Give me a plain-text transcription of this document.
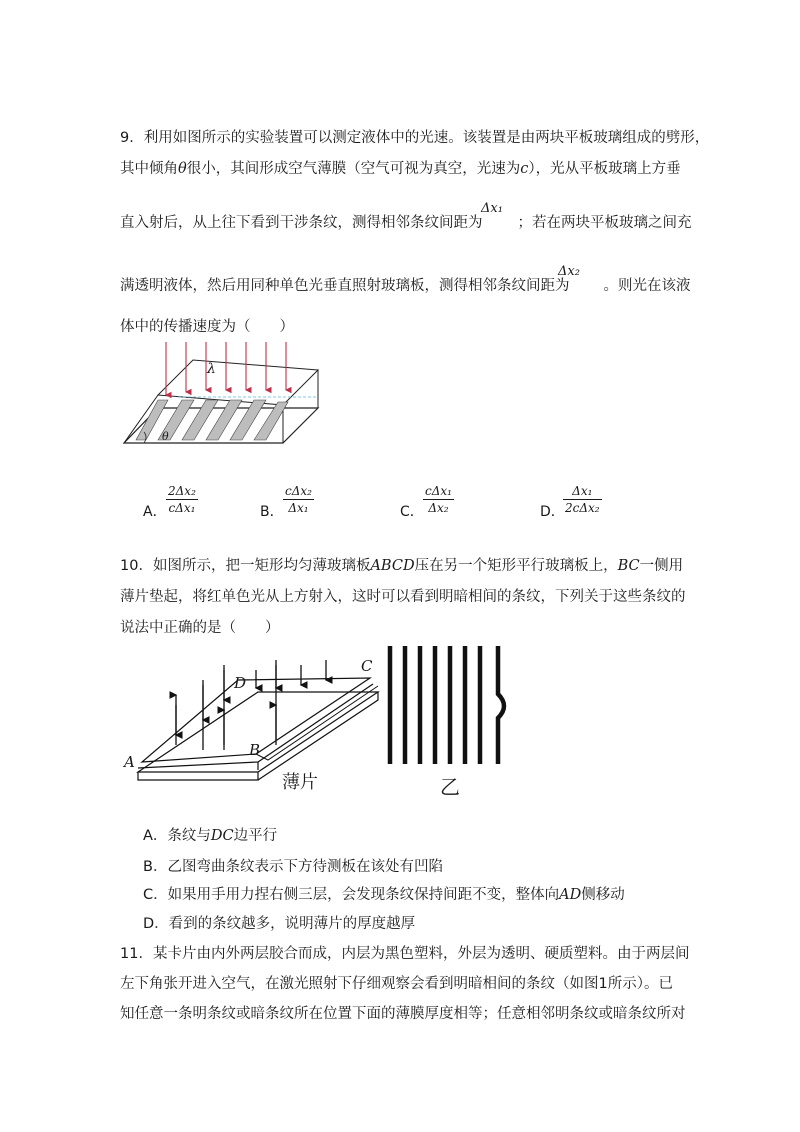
9．利用如图所示的实验装置可以测定液体中的光速。该装置是由两块平板玻璃组成的劈形，
其中倾角θ很小，其间形成空气薄膜（空气可视为真空，光速为c），光从平板玻璃上方垂
Δx₁
直入射后，从上往下看到干涉条纹，测得相邻条纹间距为 ；若在两块平板玻璃之间充
Δx₂
满透明液体，然后用同种单色光垂直照射玻璃板，测得相邻条纹间距为 。则光在该液
体中的传播速度为（　　）
λ
θ
A．
2Δx₂
cΔx₁	B．
cΔx₂
Δx₁	C．
cΔx₁
Δx₂	D．
Δx₁
2cΔx₂
10．如图所示，把一矩形均匀薄玻璃板ABCD压在另一个矩形平行玻璃板上，BC一侧用
薄片垫起，将红单色光从上方射入，这时可以看到明暗相间的条纹，下列关于这些条纹的
说法中正确的是（　　）
A
B
C
D
薄片	乙
A．条纹与DC边平行
B．乙图弯曲条纹表示下方待测板在该处有凹陷
C．如果用手用力捏右侧三层，会发现条纹保持间距不变，整体向AD侧移动
D．看到的条纹越多，说明薄片的厚度越厚
11．某卡片由内外两层胶合而成，内层为黑色塑料，外层为透明、硬质塑料。由于两层间
左下角张开进入空气，在激光照射下仔细观察会看到明暗相间的条纹（如图1所示）。已
知任意一条明条纹或暗条纹所在位置下面的薄膜厚度相等；任意相邻明条纹或暗条纹所对
